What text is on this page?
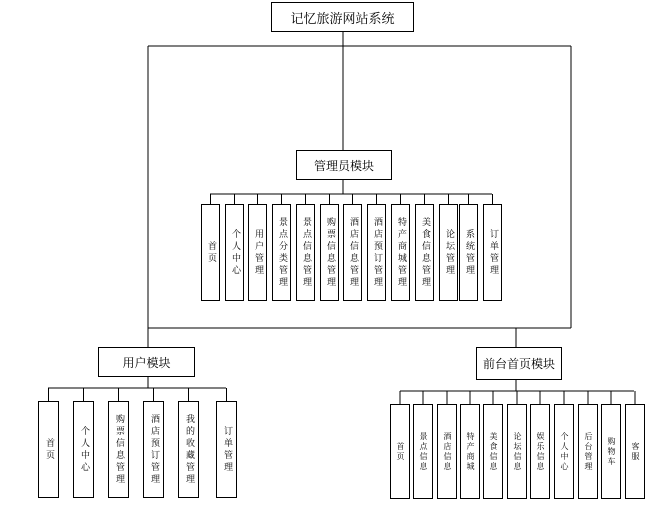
记忆旅游网站系统
管理员模块
用户模块	前台首页模块
首页	个人中心	用户管理	景点分类管理	景点信息管理	购票信息管理	酒店信息管理	酒店预订管理	特产商城管理	美食信息管理	论坛管理	系统管理	订单管理
首页	个人中心	购票信息管理	酒店预订管理	我的收藏管理	订单管理	首页	景点信息	酒店信息	特产商城	美食信息	论坛信息	娱乐信息	个人中心	后台管理	购物车	客服
